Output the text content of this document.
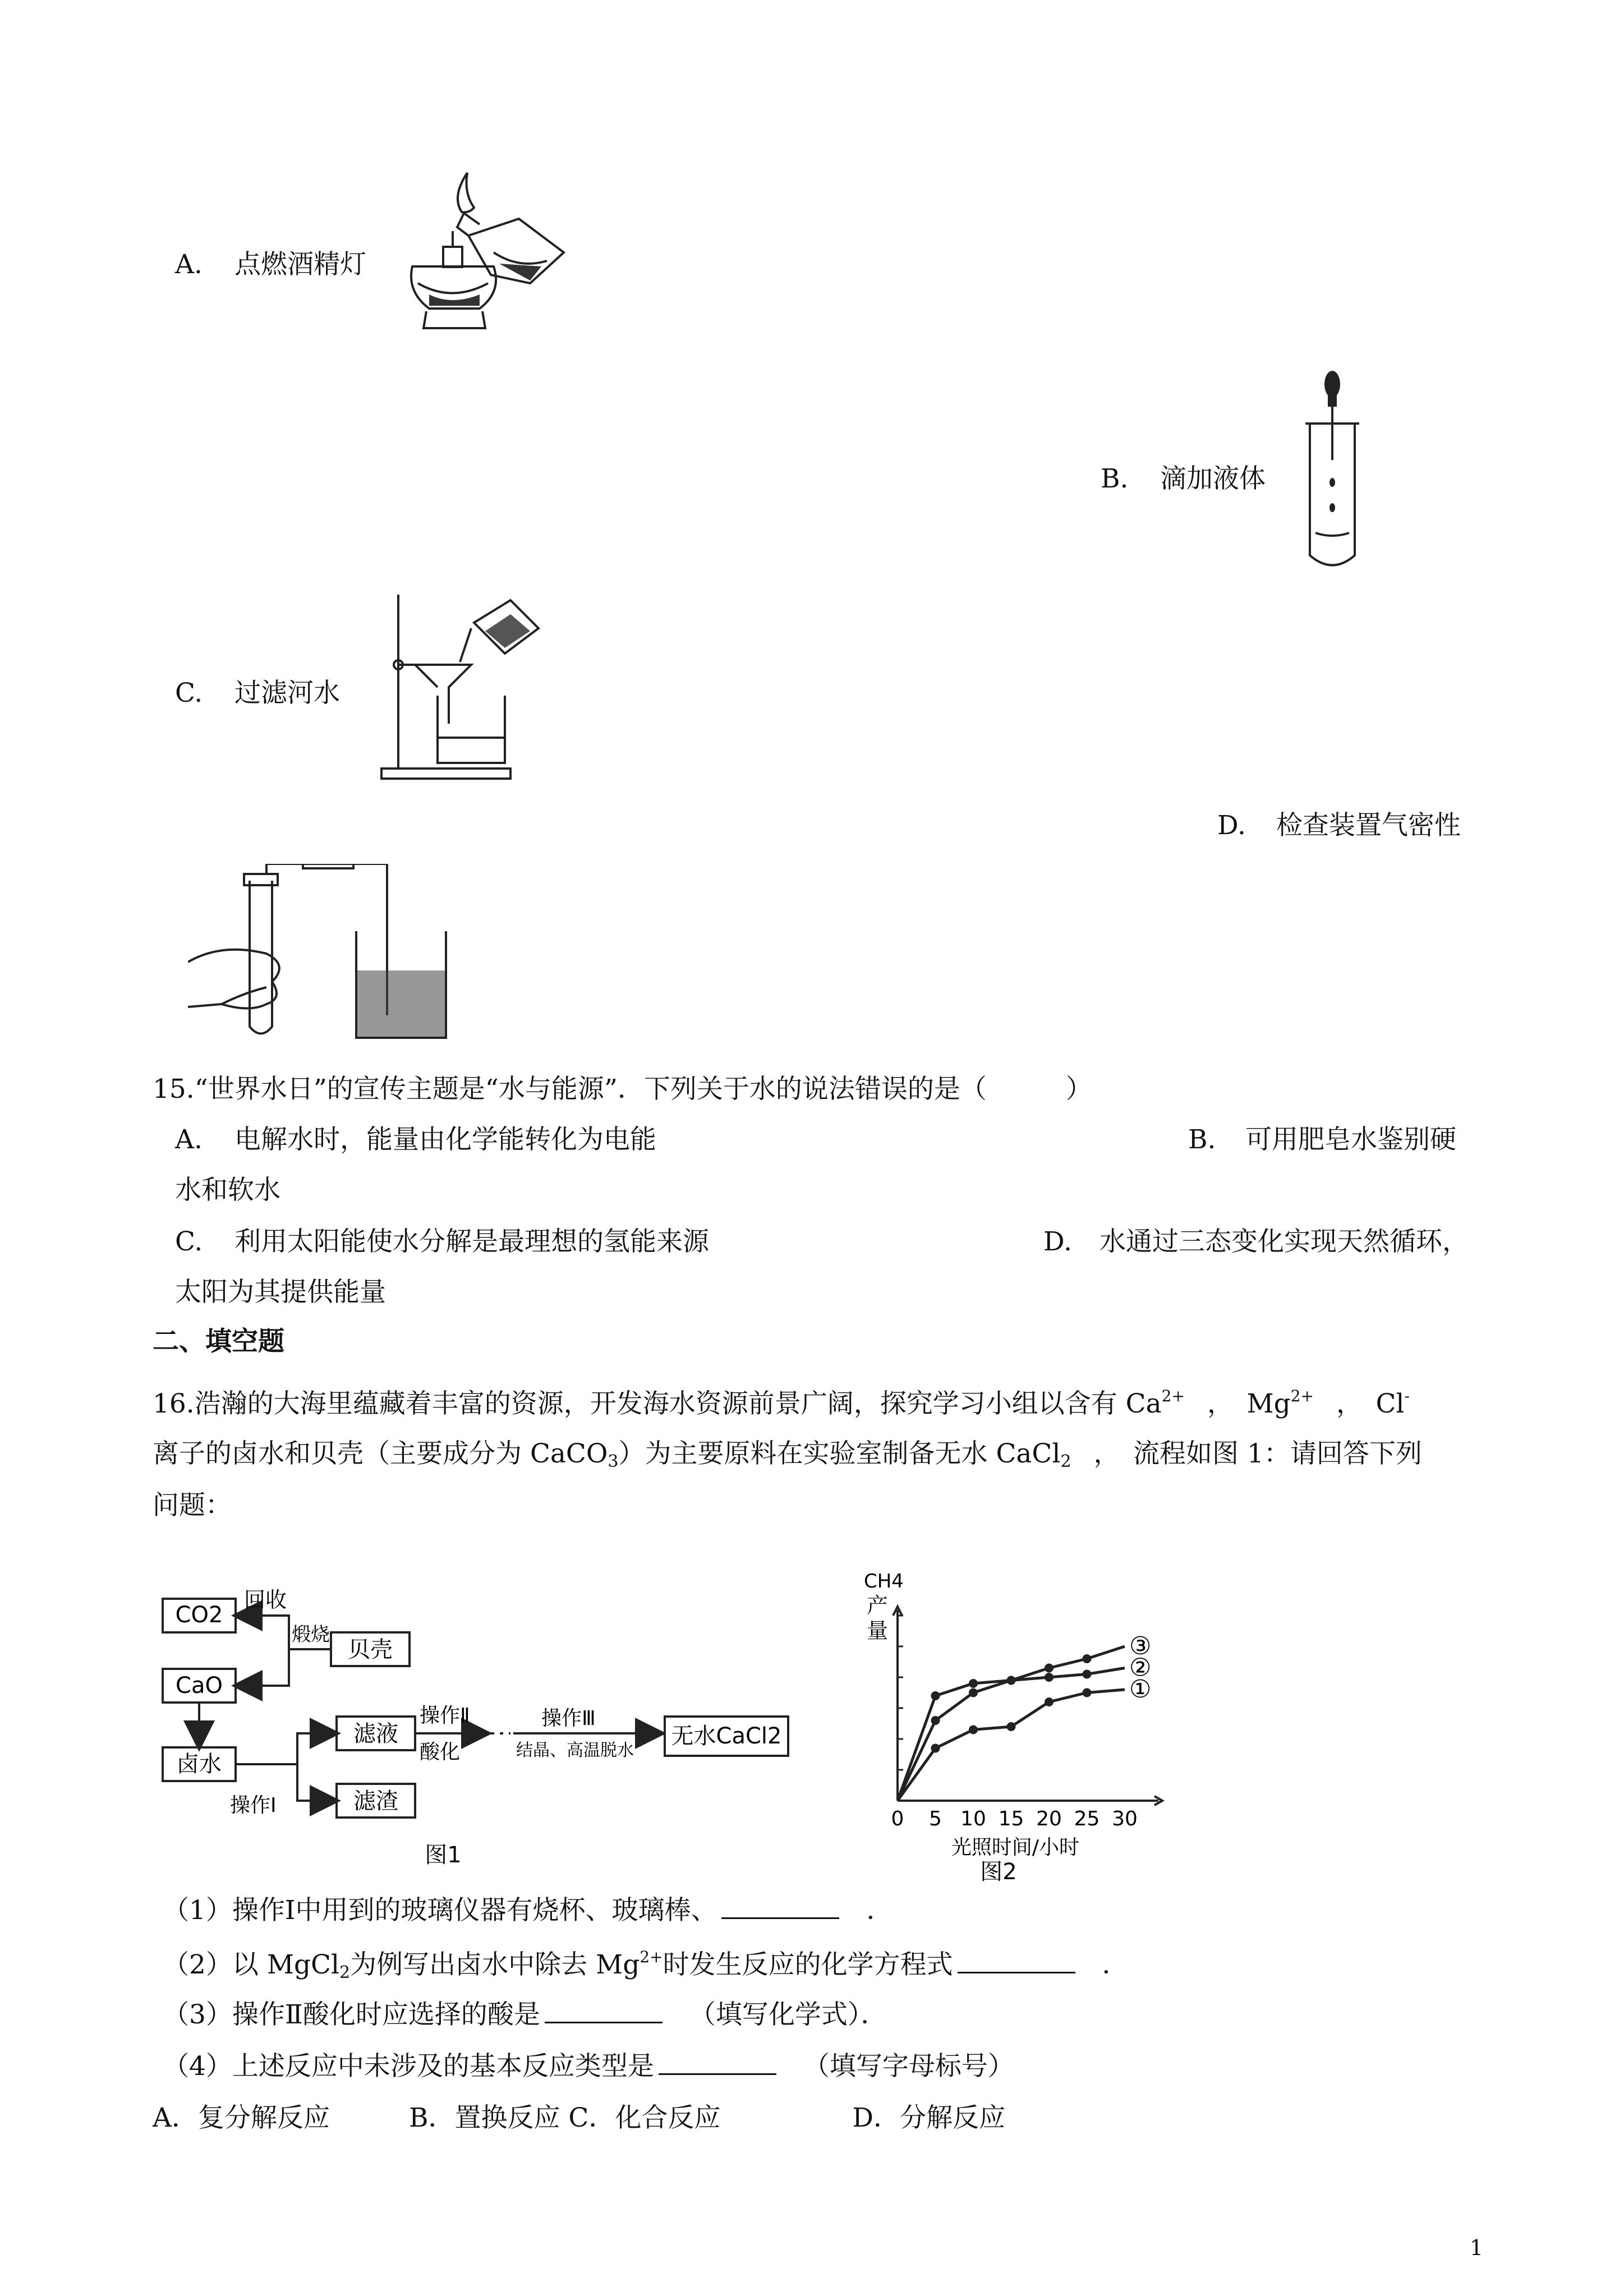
A. 点燃酒精灯
B. 滴加液体
C. 过滤河水
D. 检查装置气密性
15.“世界水日”的宣传主题是“水与能源”．下列关于水的说法错误的是（　　　）
A. 电解水时，能量由化学能转化为电能	B. 可用肥皂水鉴别硬
水和软水
C. 利用太阳能使水分解是最理想的氢能来源	D. 水通过三态变化实现天然循环，
太阳为其提供能量
二、填空题
16.浩瀚的大海里蕴藏着丰富的资源，开发海水资源前景广阔，探究学习小组以含有 $Ca^{2+}$ ，　$Mg^{2+}$ ，　Cl-
离子的卤水和贝壳（主要成分为 CaCO$_3$）为主要原料在实验室制备无水 CaCl$_2$ ，　流程如图 1：请回答下列
问题：
CO2
回收
煅烧
贝壳
CaO
卤水
操作Ⅰ
滤液
滤渣
操作Ⅱ
酸化
操作Ⅲ
结晶、高温脱水
无水CaCl2
图1
0 5 10 15 20 25 30
CH4
产
量
光照时间/小时
图2
③
②
①
（1）操作Ⅰ中用到的玻璃仪器有烧杯、玻璃棒、	．
（2）以 MgCl$_2$为例写出卤水中除去 $Mg^{2+}$时发生反应的化学方程式	．
（3）操作Ⅱ酸化时应选择的酸是	（填写化学式）．
（4）上述反应中未涉及的基本反应类型是	（填写字母标号）
A．复分解反应　　　B．置换反应 C．化合反应　　　　　D．分解反应
1
